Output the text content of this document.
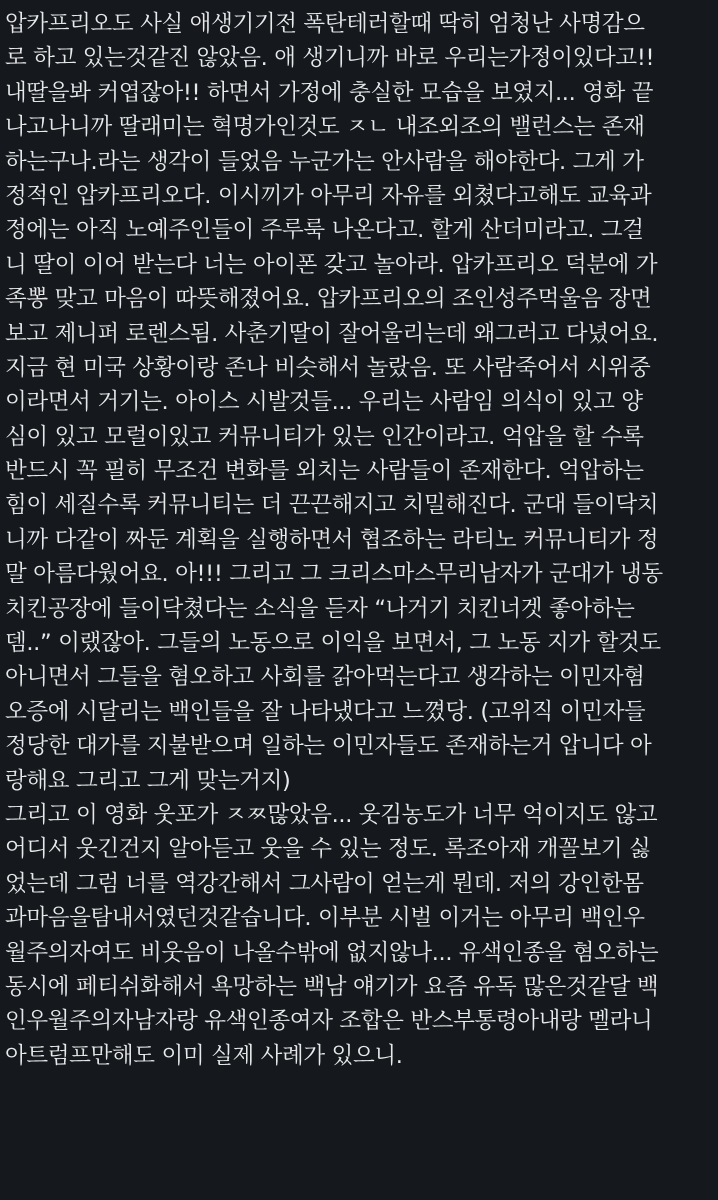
압카프리오도 사실 애생기기전 폭탄테러할때 딱히 엄청난 사명감으
로 하고 있는것같진 않았음. 애 생기니까 바로 우리는가정이있다고!!
내딸을봐 커엽잖아!! 하면서 가정에 충실한 모습을 보였지... 영화 끝
나고나니까 딸래미는 혁명가인것도 ㅈㄴ 내조외조의 밸런스는 존재
하는구나.라는 생각이 들었음 누군가는 안사람을 해야한다. 그게 가
정적인 압카프리오다. 이시끼가 아무리 자유를 외쳤다고해도 교육과
정에는 아직 노예주인들이 주루룩 나온다고. 할게 산더미라고. 그걸
니 딸이 이어 받는다 너는 아이폰 갖고 놀아라. 압카프리오 덕분에 가
족뽕 맞고 마음이 따뜻해졌어요. 압카프리오의 조인성주먹울음 장면
보고 제니퍼 로렌스됨. 사춘기딸이 잘어울리는데 왜그러고 다녔어요.
지금 현 미국 상황이랑 존나 비슷해서 놀랐음. 또 사람죽어서 시위중
이라면서 거기는. 아이스 시발것들... 우리는 사람임 의식이 있고 양
심이 있고 모럴이있고 커뮤니티가 있는 인간이라고. 억압을 할 수록
반드시 꼭 필히 무조건 변화를 외치는 사람들이 존재한다. 억압하는
힘이 세질수록 커뮤니티는 더 끈끈해지고 치밀해진다. 군대 들이닥치
니까 다같이 짜둔 계획을 실행하면서 협조하는 라티노 커뮤니티가 정
말 아름다웠어요. 아!!! 그리고 그 크리스마스무리남자가 군대가 냉동
치킨공장에 들이닥쳤다는 소식을 듣자 “나거기 치킨너겟 좋아하는
뎀..” 이랬잖아. 그들의 노동으로 이익을 보면서, 그 노동 지가 할것도
아니면서 그들을 혐오하고 사회를 갉아먹는다고 생각하는 이민자혐
오증에 시달리는 백인들을 잘 나타냈다고 느꼈당. (고위직 이민자들
정당한 대가를 지불받으며 일하는 이민자들도 존재하는거 압니다 아
랑해요 그리고 그게 맞는거지)
그리고 이 영화 웃포가 ㅈㅉ많았음... 웃김농도가 너무 억이지도 않고
어디서 웃긴건지 알아듣고 웃을 수 있는 정도. 록조아재 개꼴보기 싫
었는데 그럼 너를 역강간해서 그사람이 얻는게 뭔데. 저의 강인한몸
과마음을탐내서였던것같습니다. 이부분 시벌 이거는 아무리 백인우
월주의자여도 비웃음이 나올수밖에 없지않나... 유색인종을 혐오하는
동시에 페티쉬화해서 욕망하는 백남 얘기가 요즘 유독 많은것같달 백
인우월주의자남자랑 유색인종여자 조합은 반스부통령아내랑 멜라니
아트럼프만해도 이미 실제 사례가 있으니.
